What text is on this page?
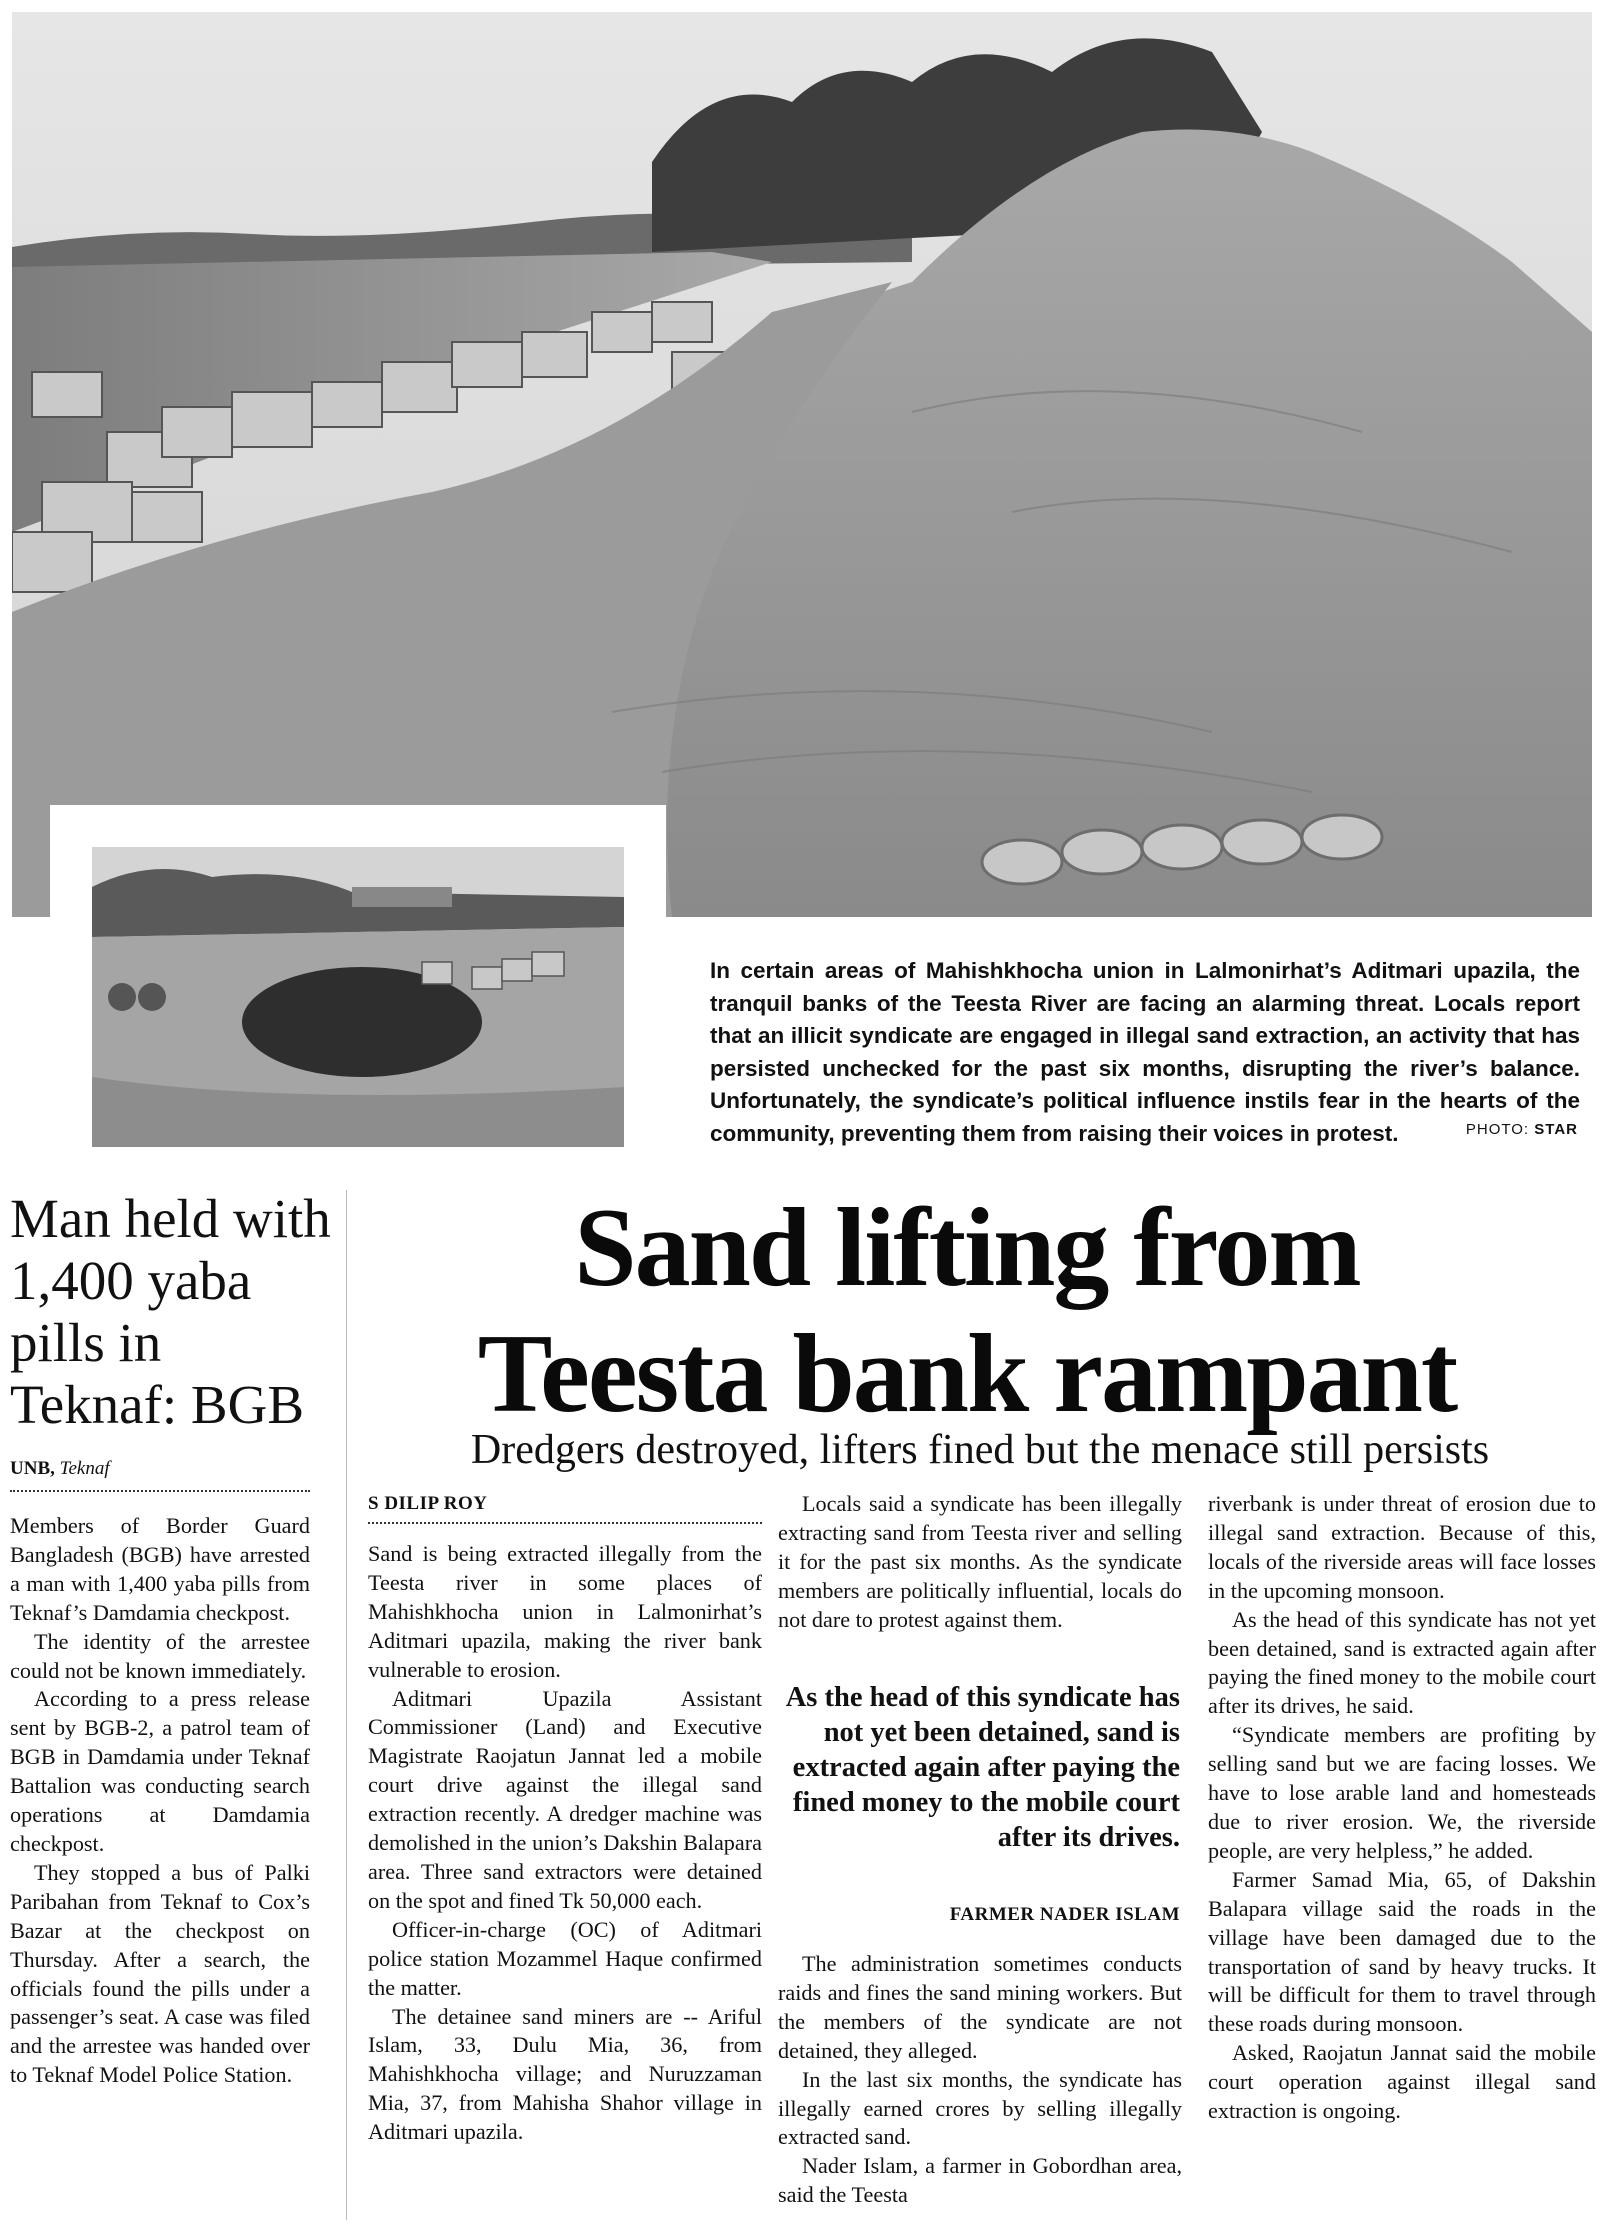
In certain areas of Mahishkhocha union in Lalmonirhat’s Aditmari upazila, the tranquil banks of the Teesta River are facing an alarming threat. Locals report that an illicit syndicate are engaged in illegal sand extraction, an activity that has persisted unchecked for the past six months, disrupting the river’s balance. Unfortunately, the syndicate’s political influence instils fear in the hearts of the community, preventing them from raising their voices in protest.	PHOTO: STAR
Man held with 1,400 yaba pills in Teknaf: BGB
UNB, Teknaf

Members of Border Guard Bangladesh (BGB) have arrested a man with 1,400 yaba pills from Teknaf’s Damdamia checkpost.

The identity of the arrestee could not be known immediately.

According to a press release sent by BGB-2, a patrol team of BGB in Damdamia under Teknaf Battalion was conducting search operations at Damdamia checkpost.

They stopped a bus of Palki Paribahan from Teknaf to Cox’s Bazar at the checkpost on Thursday. After a search, the officials found the pills under a passenger’s seat. A case was filed and the arrestee was handed over to Teknaf Model Police Station.

Sand lifting from
Teesta bank rampant
Dredgers destroyed, lifters fined but the menace still persists
S DILIP ROY

Sand is being extracted illegally from the Teesta river in some places of Mahishkhocha union in Lalmonirhat’s Aditmari upazila, making the river bank vulnerable to erosion.

Aditmari Upazila Assistant Commissioner (Land) and Executive Magistrate Raojatun Jannat led a mobile court drive against the illegal sand extraction recently. A dredger machine was demolished in the union’s Dakshin Balapara area. Three sand extractors were detained on the spot and fined Tk 50,000 each.

Officer-in-charge (OC) of Aditmari police station Mozammel Haque confirmed the matter.

The detainee sand miners are -- Ariful Islam, 33, Dulu Mia, 36, from Mahishkhocha village; and Nuruzzaman Mia, 37, from Mahisha Shahor village in Aditmari upazila.

Locals said a syndicate has been illegally extracting sand from Teesta river and selling it for the past six months. As the syndicate members are politically influential, locals do not dare to protest against them.

As the head of this syndicate has not yet been detained, sand is extracted again after paying the fined money to the mobile court after its drives.
FARMER NADER ISLAM

The administration sometimes conducts raids and fines the sand mining workers. But the members of the syndicate are not detained, they alleged.

In the last six months, the syndicate has illegally earned crores by selling illegally extracted sand.

Nader Islam, a farmer in Gobordhan area, said the Teesta

riverbank is under threat of erosion due to illegal sand extraction. Because of this, locals of the riverside areas will face losses in the upcoming monsoon.

As the head of this syndicate has not yet been detained, sand is extracted again after paying the fined money to the mobile court after its drives, he said.

“Syndicate members are profiting by selling sand but we are facing losses. We have to lose arable land and homesteads due to river erosion. We, the riverside people, are very helpless,” he added.

Farmer Samad Mia, 65, of Dakshin Balapara village said the roads in the village have been damaged due to the transportation of sand by heavy trucks. It will be difficult for them to travel through these roads during monsoon.

Asked, Raojatun Jannat said the mobile court operation against illegal sand extraction is ongoing.
